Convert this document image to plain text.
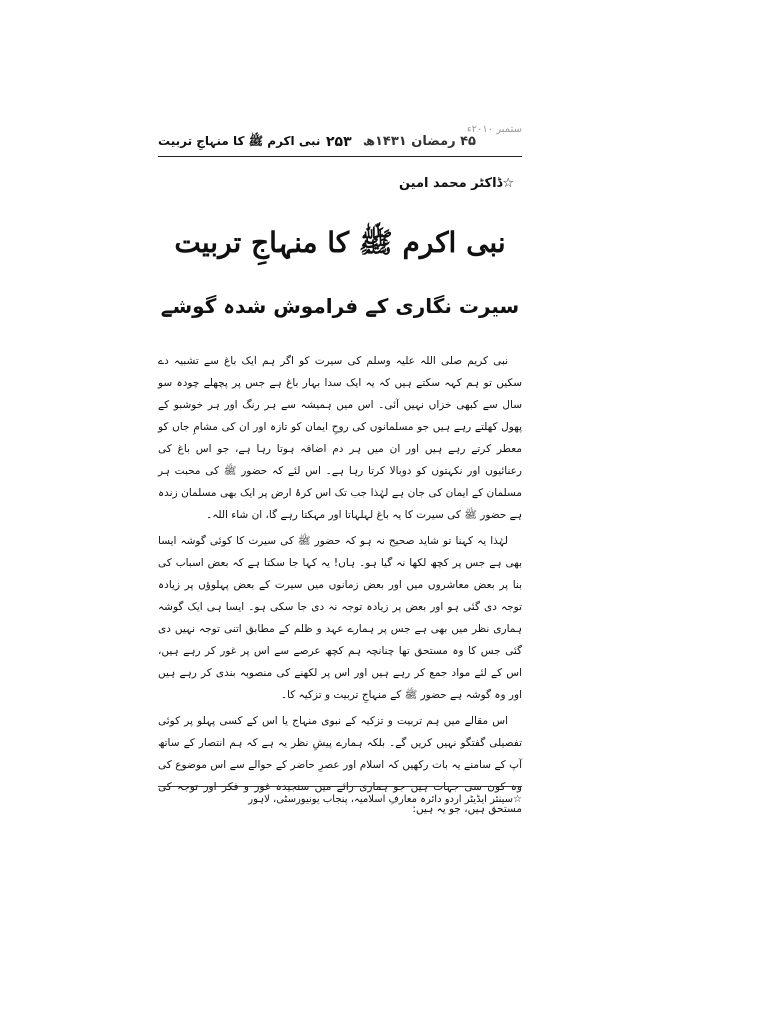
ستمبر ۲۰۱۰ء
۴۵ رمضان ۱۴۳۱ھ
۲۵۳
نبی اکرم ﷺ کا منہاجِ تربیت
☆ڈاکٹر محمد امین
نبی اکرم ﷺ کا منہاجِ تربیت
سیرت نگاری کے فراموش شدہ گوشے

نبی کریم صلی اللہ علیہ وسلم کی سیرت کو اگر ہم ایک باغ سے تشبیہ دے سکیں تو ہم کہہ سکتے ہیں کہ یہ ایک سدا بہار باغ ہے جس پر پچھلے چودہ سو سال سے کبھی خزاں نہیں آئی۔ اس میں ہمیشہ سے ہر رنگ اور ہر خوشبو کے پھول کھلتے رہے ہیں جو مسلمانوں کی روحِ ایمان کو تازہ اور ان کی مشامِ جاں کو معطر کرتے رہے ہیں اور ان میں ہر دم اضافہ ہوتا رہا ہے، جو اس باغ کی رعنائیوں اور نکہتوں کو دوبالا کرتا رہا ہے۔ اس لئے کہ حضور ﷺ کی محبت ہر مسلمان کے ایمان کی جان ہے لہٰذا جب تک اس کرۂ ارض پر ایک بھی مسلمان زندہ ہے حضور ﷺ کی سیرت کا یہ باغ لہلہاتا اور مہکتا رہے گا، ان شاء اللہ۔

لہٰذا یہ کہنا تو شاید صحیح نہ ہو کہ حضور ﷺ کی سیرت کا کوئی گوشہ ایسا بھی ہے جس پر کچھ لکھا نہ گیا ہو۔ ہاں! یہ کہا جا سکتا ہے کہ بعض اسباب کی بنا پر بعض معاشروں میں اور بعض زمانوں میں سیرت کے بعض پہلوؤں پر زیادہ توجہ دی گئی ہو اور بعض پر زیادہ توجہ نہ دی جا سکی ہو۔ ایسا ہی ایک گوشہ ہماری نظر میں بھی ہے جس پر ہمارے عہد و ظلم کے مطابق اتنی توجہ نہیں دی گئی جس کا وہ مستحق تھا چنانچہ ہم کچھ عرصے سے اس پر غور کر رہے ہیں، اس کے لئے مواد جمع کر رہے ہیں اور اس پر لکھنے کی منصوبہ بندی کر رہے ہیں اور وہ گوشہ ہے حضور ﷺ کے منہاجِ تربیت و تزکیہ کا۔

اس مقالے میں ہم تربیت و تزکیہ کے نبوی منہاج یا اس کے کسی پہلو پر کوئی تفصیلی گفتگو نہیں کریں گے۔ بلکہ ہمارے پیشِ نظر یہ ہے کہ ہم انتصار کے ساتھ آپ کے سامنے یہ بات رکھیں کہ اسلام اور عصرِ حاضر کے حوالے سے اس موضوع کی وہ کون سی جہات ہیں جو ہماری رائے میں سنجیدہ غور و فکر اور توجہ کی مستحق ہیں، جو یہ ہیں:

☆سینئر ایڈیٹر اردو دائرہ معارفِ اسلامیہ، پنجاب یونیورسٹی، لاہور
